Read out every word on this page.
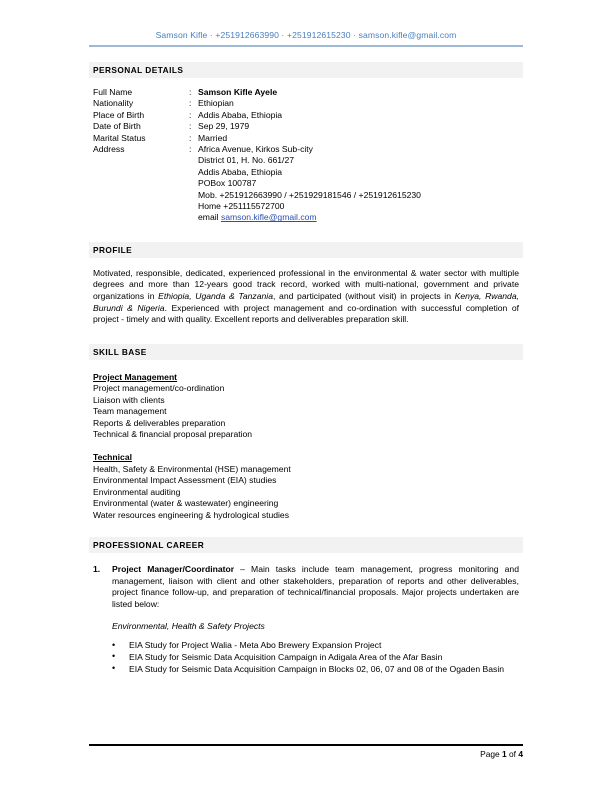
Samson Kifle · +251912663990 · +251912615230 · samson.kifle@gmail.com
PERSONAL DETAILS
Full Name	:	Samson Kifle Ayele
Nationality	:	Ethiopian
Place of Birth	:	Addis Ababa, Ethiopia
Date of Birth	:	Sep 29, 1979
Marital Status	:	Married
Address	:	Africa Avenue, Kirkos Sub-city
District 01, H. No. 661/27
Addis Ababa, Ethiopia
POBox 100787
Mob. +251912663990 / +251929181546 / +251912615230
Home +251115572700
email samson.kifle@gmail.com
PROFILE

Motivated, responsible, dedicated, experienced professional in the environmental & water sector with multiple degrees and more than 12-years good track record, worked with multi-national, government and private organizations in Ethiopia, Uganda & Tanzania, and participated (without visit) in projects in Kenya, Rwanda, Burundi & Nigeria. Experienced with project management and co-ordination with successful completion of project - timely and with quality. Excellent reports and deliverables preparation skill.

SKILL BASE
Project Management
Project management/co-ordination
Liaison with clients
Team management
Reports & deliverables preparation
Technical & financial proposal preparation
Technical
Health, Safety & Environmental (HSE) management
Environmental Impact Assessment (EIA) studies
Environmental auditing
Environmental (water & wastewater) engineering
Water resources engineering & hydrological studies
PROFESSIONAL CAREER
1.	Project Manager/Coordinator – Main tasks include team management, progress monitoring and management, liaison with client and other stakeholders, preparation of reports and other deliverables, project finance follow-up, and preparation of technical/financial proposals. Major projects undertaken are listed below:
Environmental, Health & Safety Projects
• EIA Study for Project Walia - Meta Abo Brewery Expansion Project
• EIA Study for Seismic Data Acquisition Campaign in Adigala Area of the Afar Basin
• EIA Study for Seismic Data Acquisition Campaign in Blocks 02, 06, 07 and 08 of the Ogaden Basin
Page 1 of 4
